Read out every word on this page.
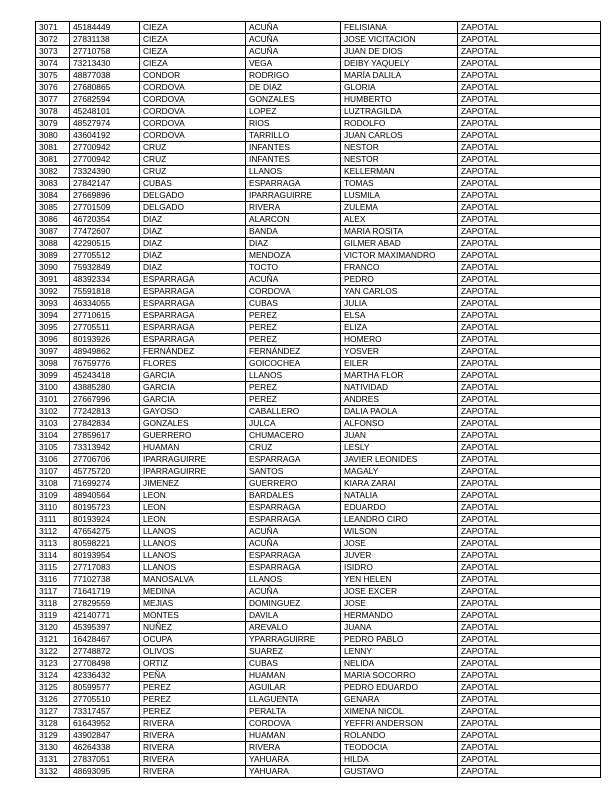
3071	45184449	CIEZA	ACUÑA	FELISIANA	ZAPOTAL
3072	27831138	CIEZA	ACUÑA	JOSE VICITACION	ZAPOTAL
3073	27710758	CIEZA	ACUÑA	JUAN DE DIOS	ZAPOTAL
3074	73213430	CIEZA	VEGA	DEIBY YAQUELY	ZAPOTAL
3075	48877038	CONDOR	RODRIGO	MARÍA DALILA	ZAPOTAL
3076	27680865	CORDOVA	DE DIAZ	GLORIA	ZAPOTAL
3077	27682594	CORDOVA	GONZALES	HUMBERTO	ZAPOTAL
3078	45248101	CORDOVA	LOPEZ	LUZTRAGILDA	ZAPOTAL
3079	48527974	CORDOVA	RIOS	RODOLFO	ZAPOTAL
3080	43604192	CORDOVA	TARRILLO	JUAN CARLOS	ZAPOTAL
3081	27700942	CRUZ	INFANTES	NESTOR	ZAPOTAL
3081	27700942	CRUZ	INFANTES	NESTOR	ZAPOTAL
3082	73324390	CRUZ	LLANOS	KELLERMAN	ZAPOTAL
3083	27842147	CUBAS	ESPARRAGA	TOMAS	ZAPOTAL
3084	27669896	DELGADO	IPARRAGUIRRE	LUSMILA	ZAPOTAL
3085	27701509	DELGADO	RIVERA	ZULEMA	ZAPOTAL
3086	46720354	DIAZ	ALARCON	ALEX	ZAPOTAL
3087	77472607	DIAZ	BANDA	MARIA ROSITA	ZAPOTAL
3088	42290515	DIAZ	DIAZ	GILMER ABAD	ZAPOTAL
3089	27705512	DIAZ	MENDOZA	VICTOR MAXIMANDRO	ZAPOTAL
3090	75932849	DIAZ	TOCTO	FRANCO	ZAPOTAL
3091	48392334	ESPARRAGA	ACUÑA	PEDRO	ZAPOTAL
3092	75591818	ESPARRAGA	CORDOVA	YAN CARLOS	ZAPOTAL
3093	46334055	ESPARRAGA	CUBAS	JULIA	ZAPOTAL
3094	27710615	ESPARRAGA	PEREZ	ELSA	ZAPOTAL
3095	27705511	ESPARRAGA	PEREZ	ELIZA	ZAPOTAL
3096	80193926	ESPARRAGA	PEREZ	HOMERO	ZAPOTAL
3097	48949862	FERNÁNDEZ	FERNÁNDEZ	YOSVER	ZAPOTAL
3098	76759776	FLORES	GOICOCHEA	EILER	ZAPOTAL
3099	45243418	GARCIA	LLANOS	MARTHA FLOR	ZAPOTAL
3100	43885280	GARCIA	PEREZ	NATIVIDAD	ZAPOTAL
3101	27667996	GARCIA	PEREZ	ANDRES	ZAPOTAL
3102	77242813	GAYOSO	CABALLERO	DALIA PAOLA	ZAPOTAL
3103	27842834	GONZALES	JULCA	ALFONSO	ZAPOTAL
3104	27859617	GUERRERO	CHUMACERO	JUAN	ZAPOTAL
3105	73313942	HUAMAN	CRUZ	LESLY	ZAPOTAL
3106	27706706	IPARRAGUIRRE	ESPARRAGA	JAVIER LEONIDES	ZAPOTAL
3107	45775720	IPARRAGUIRRE	SANTOS	MAGALY	ZAPOTAL
3108	71699274	JIMENEZ	GUERRERO	KIARA ZARAI	ZAPOTAL
3109	48940564	LEON	BARDALES	NATALIA	ZAPOTAL
3110	80195723	LEON	ESPARRAGA	EDUARDO	ZAPOTAL
3111	80193924	LEON	ESPARRAGA	LEANDRO CIRO	ZAPOTAL
3112	47654275	LLANOS	ACUÑA	WILSON	ZAPOTAL
3113	80598221	LLANOS	ACUÑA	JOSE	ZAPOTAL
3114	80193954	LLANOS	ESPARRAGA	JUVER	ZAPOTAL
3115	27717083	LLANOS	ESPARRAGA	ISIDRO	ZAPOTAL
3116	77102738	MANOSALVA	LLANOS	YEN HELEN	ZAPOTAL
3117	71641719	MEDINA	ACUÑA	JOSE EXCER	ZAPOTAL
3118	27829559	MEJIAS	DOMINGUEZ	JOSE	ZAPOTAL
3119	42140771	MONTES	DAVILA	HERMANDO	ZAPOTAL
3120	45395397	NUÑEZ	AREVALO	JUANA	ZAPOTAL
3121	16428467	OCUPA	YPARRAGUIRRE	PEDRO PABLO	ZAPOTAL
3122	27748872	OLIVOS	SUAREZ	LENNY	ZAPOTAL
3123	27708498	ORTIZ	CUBAS	NELIDA	ZAPOTAL
3124	42336432	PEÑA	HUAMAN	MARIA SOCORRO	ZAPOTAL
3125	80599577	PEREZ	AGUILAR	PEDRO EDUARDO	ZAPOTAL
3126	27705510	PEREZ	LLAGUENTA	GENARA	ZAPOTAL
3127	73317457	PEREZ	PERALTA	XIMENA NICOL	ZAPOTAL
3128	61643952	RIVERA	CORDOVA	YEFFRI ANDERSON	ZAPOTAL
3129	43902847	RIVERA	HUAMAN	ROLANDO	ZAPOTAL
3130	46264338	RIVERA	RIVERA	TEODOCIA	ZAPOTAL
3131	27837051	RIVERA	YAHUARA	HILDA	ZAPOTAL
3132	48693095	RIVERA	YAHUARA	GUSTAVO	ZAPOTAL
